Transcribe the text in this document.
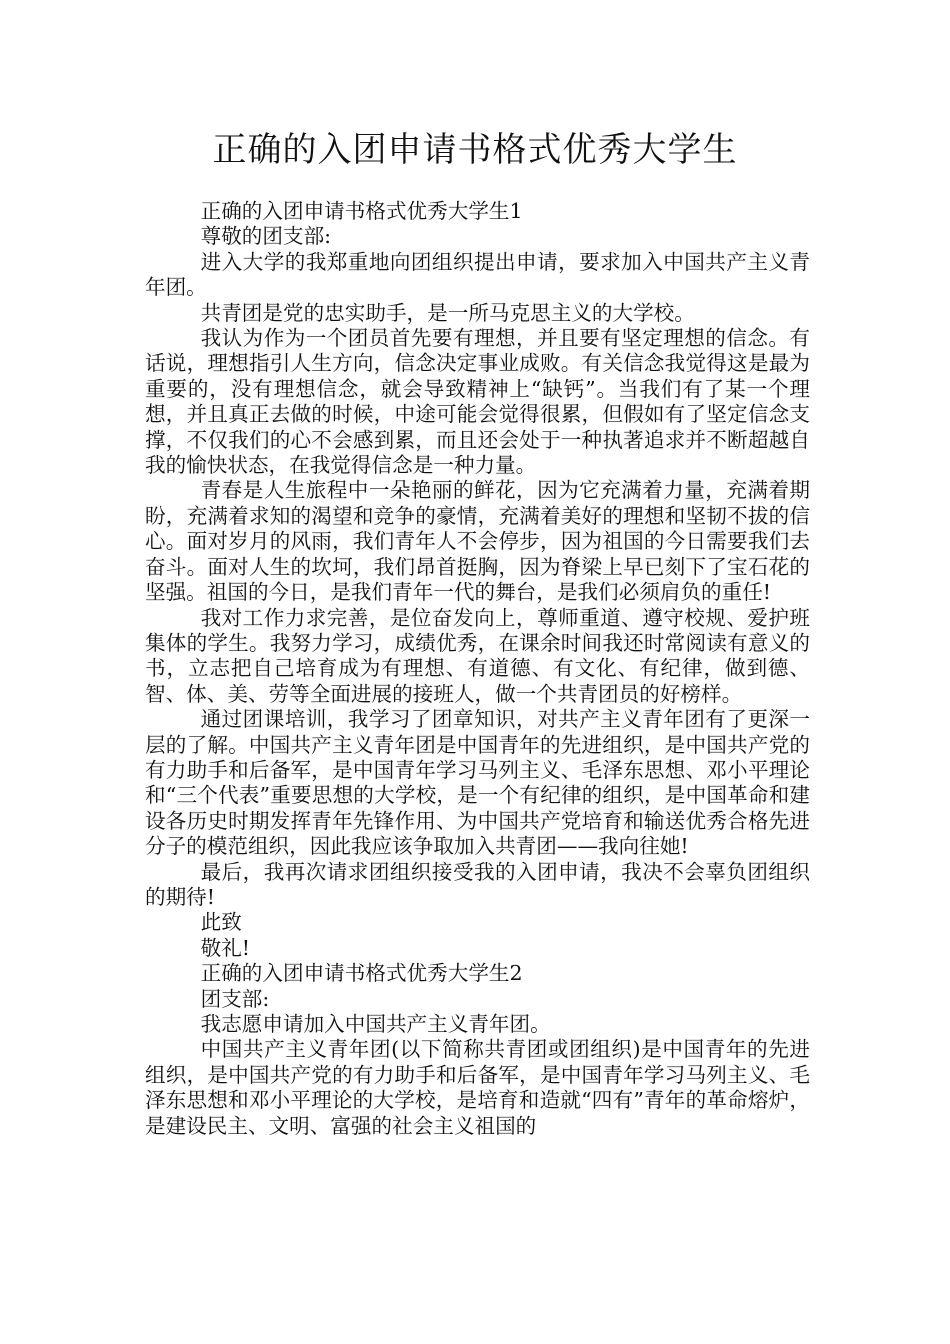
正确的入团申请书格式优秀大学生

正确的入团申请书格式优秀大学生1

尊敬的团支部:

进入大学的我郑重地向团组织提出申请，要求加入中国共产主义青年团。

共青团是党的忠实助手，是一所马克思主义的大学校。

我认为作为一个团员首先要有理想，并且要有坚定理想的信念。有话说，理想指引人生方向，信念决定事业成败。有关信念我觉得这是最为重要的，没有理想信念，就会导致精神上“缺钙”。当我们有了某一个理想，并且真正去做的时候，中途可能会觉得很累，但假如有了坚定信念支撑，不仅我们的心不会感到累，而且还会处于一种执著追求并不断超越自我的愉快状态，在我觉得信念是一种力量。

青春是人生旅程中一朵艳丽的鲜花，因为它充满着力量，充满着期盼，充满着求知的渴望和竞争的豪情，充满着美好的理想和坚韧不拔的信心。面对岁月的风雨，我们青年人不会停步，因为祖国的今日需要我们去奋斗。面对人生的坎坷，我们昂首挺胸，因为脊梁上早已刻下了宝石花的坚强。祖国的今日，是我们青年一代的舞台，是我们必须肩负的重任!

我对工作力求完善，是位奋发向上，尊师重道、遵守校规、爱护班集体的学生。我努力学习，成绩优秀，在课余时间我还时常阅读有意义的书，立志把自己培育成为有理想、有道德、有文化、有纪律，做到德、智、体、美、劳等全面进展的接班人，做一个共青团员的好榜样。

通过团课培训，我学习了团章知识，对共产主义青年团有了更深一层的了解。中国共产主义青年团是中国青年的先进组织，是中国共产党的有力助手和后备军，是中国青年学习马列主义、毛泽东思想、邓小平理论和“三个代表”重要思想的大学校，是一个有纪律的组织，是中国革命和建设各历史时期发挥青年先锋作用、为中国共产党培育和输送优秀合格先进分子的模范组织，因此我应该争取加入共青团——我向往她!

最后，我再次请求团组织接受我的入团申请，我决不会辜负团组织的期待!

此致

敬礼!

正确的入团申请书格式优秀大学生2

团支部:

我志愿申请加入中国共产主义青年团。

中国共产主义青年团(以下简称共青团或团组织)是中国青年的先进组织，是中国共产党的有力助手和后备军，是中国青年学习马列主义、毛泽东思想和邓小平理论的大学校，是培育和造就“四有”青年的革命熔炉，是建设民主、文明、富强的社会主义祖国的
